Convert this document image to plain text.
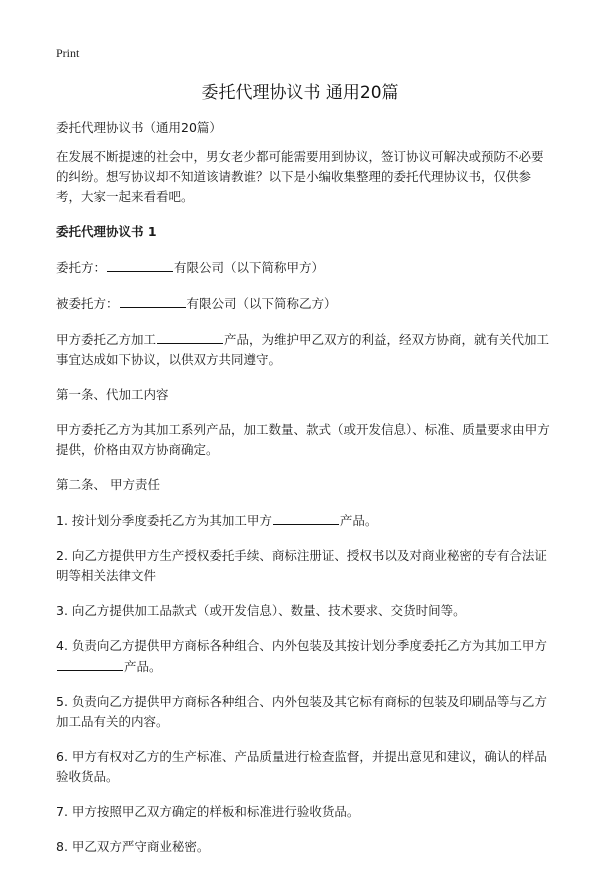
Print
委托代理协议书 通用20篇

委托代理协议书（通用20篇）

在发展不断提速的社会中，男女老少都可能需要用到协议，签订协议可解决或预防不必要的纠纷。想写协议却不知道该请教谁？以下是小编收集整理的委托代理协议书，仅供参考，大家一起来看看吧。

委托代理协议书 1

委托方：	有限公司（以下简称甲方）

被委托方：	有限公司（以下简称乙方）

甲方委托乙方加工	产品，为维护甲乙双方的利益，经双方协商，就有关代加工事宜达成如下协议，以供双方共同遵守。

第一条、代加工内容

甲方委托乙方为其加工系列产品，加工数量、款式（或开发信息）、标准、质量要求由甲方提供，价格由双方协商确定。

第二条、 甲方责任

1. 按计划分季度委托乙方为其加工甲方	产品。

2. 向乙方提供甲方生产授权委托手续、商标注册证、授权书以及对商业秘密的专有合法证明等相关法律文件

3. 向乙方提供加工品款式（或开发信息）、数量、技术要求、交货时间等。

4. 负责向乙方提供甲方商标各种组合、内外包装及其按计划分季度委托乙方为其加工甲方产品。

5. 负责向乙方提供甲方商标各种组合、内外包装及其它标有商标的包装及印刷品等与乙方加工品有关的内容。

6. 甲方有权对乙方的生产标准、产品质量进行检查监督，并提出意见和建议，确认的样品验收货品。

7. 甲方按照甲乙双方确定的样板和标准进行验收货品。

8. 甲乙双方严守商业秘密。
